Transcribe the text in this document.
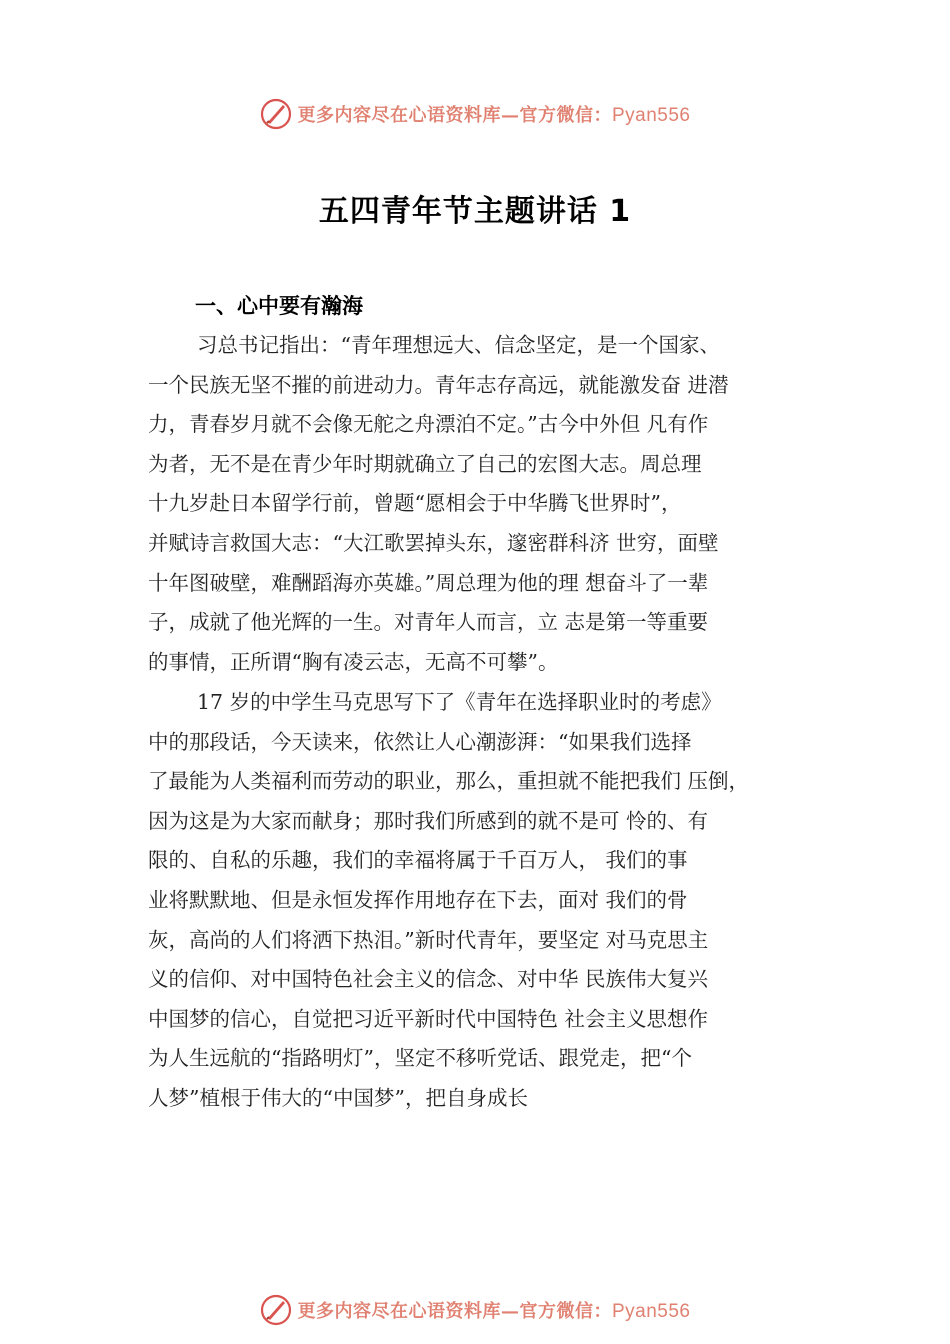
更多内容尽在心语资料库—官方微信：Pyan556
五四青年节主题讲话 1
一、心中要有瀚海
习总书记指出：“青年理想远大、信念坚定，是一个国家、
一个民族无坚不摧的前进动力。青年志存高远，就能激发奋 进潜
力，青春岁月就不会像无舵之舟漂泊不定。”古今中外但 凡有作
为者，无不是在青少年时期就确立了自己的宏图大志。周总理
十九岁赴日本留学行前，曾题“愿相会于中华腾飞世界时”，
并赋诗言救国大志：“大江歌罢掉头东，邃密群科济 世穷，面壁
十年图破壁，难酬蹈海亦英雄。”周总理为他的理 想奋斗了一辈
子，成就了他光辉的一生。对青年人而言，立 志是第一等重要
的事情，正所谓“胸有凌云志，无高不可攀”。
17 岁的中学生马克思写下了《青年在选择职业时的考虑》
中的那段话，今天读来，依然让人心潮澎湃：“如果我们选择
了最能为人类福利而劳动的职业，那么，重担就不能把我们 压倒，
因为这是为大家而献身；那时我们所感到的就不是可 怜的、有
限的、自私的乐趣，我们的幸福将属于千百万人， 我们的事
业将默默地、但是永恒发挥作用地存在下去，面对 我们的骨
灰，高尚的人们将洒下热泪。”新时代青年，要坚定 对马克思主
义的信仰、对中国特色社会主义的信念、对中华 民族伟大复兴
中国梦的信心，自觉把习近平新时代中国特色 社会主义思想作
为人生远航的“指路明灯”，坚定不移听党话、跟党走，把“个
人梦”植根于伟大的“中国梦”，把自身成长
更多内容尽在心语资料库—官方微信：Pyan556
